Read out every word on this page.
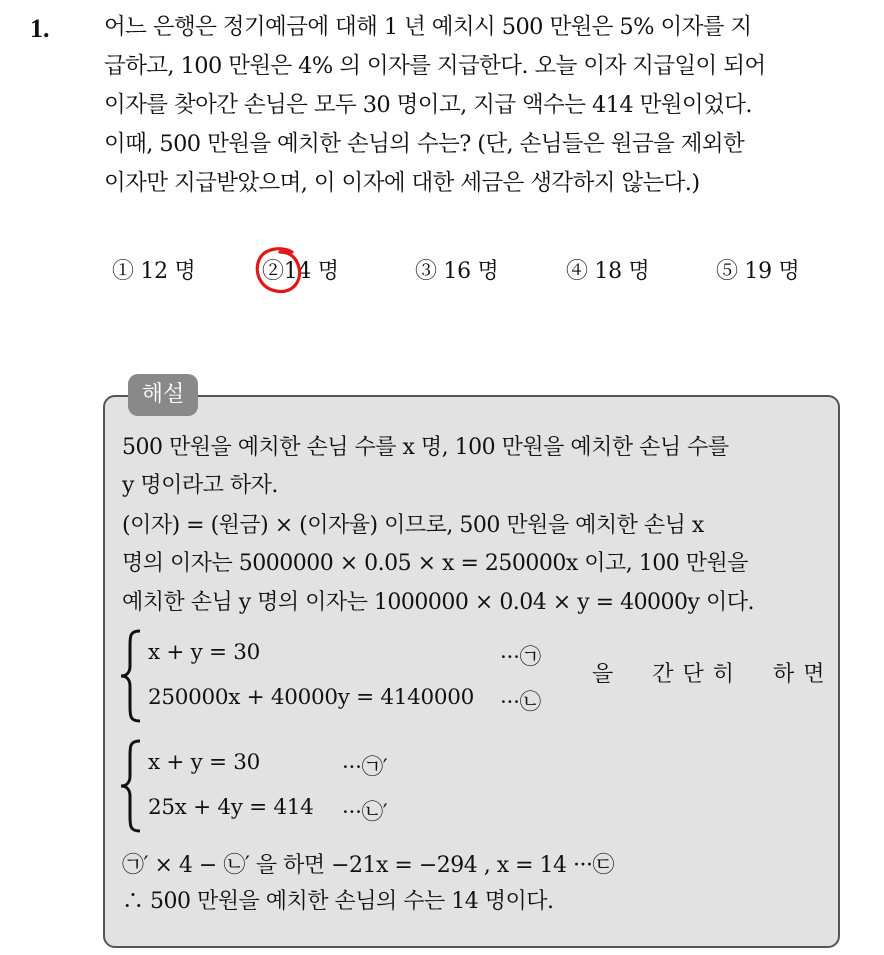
1. 어느 은행은 정기예금에 대해 1 년 예치시 500 만원은 5% 이자를 지
급하고, 100 만원은 4% 의 이자를 지급한다. 오늘 이자 지급일이 되어
이자를 찾아간 손님은 모두 30 명이고, 지급 액수는 414 만원이었다.
이때, 500 만원을 예치한 손님의 수는? (단, 손님들은 원금을 제외한
이자만 지급받았으며, 이 이자에 대한 세금은 생각하지 않는다.)
① 12 명	②14 명	③ 16 명	④ 18 명	⑤ 19 명
해설
500 만원을 예치한 손님 수를 x 명, 100 만원을 예치한 손님 수를
y 명이라고 하자.
(이자) = (원금) × (이자율) 이므로, 500 만원을 예치한 손님 x
명의 이자는 5000000 × 0.05 × x = 250000x 이고, 100 만원을
예치한 손님 y 명의 이자는 1000000 × 0.04 × y = 40000y 이다.
x + y = 30	···㉠
250000x + 40000y = 4140000 ···㉡
을 간단히 하면
x + y = 30	···㉠′
25x + 4y = 414 ···㉡′
㉠′ × 4 − ㉡′ 을 하면 −21x = −294 , x = 14 ···㉢
∴ 500 만원을 예치한 손님의 수는 14 명이다.
